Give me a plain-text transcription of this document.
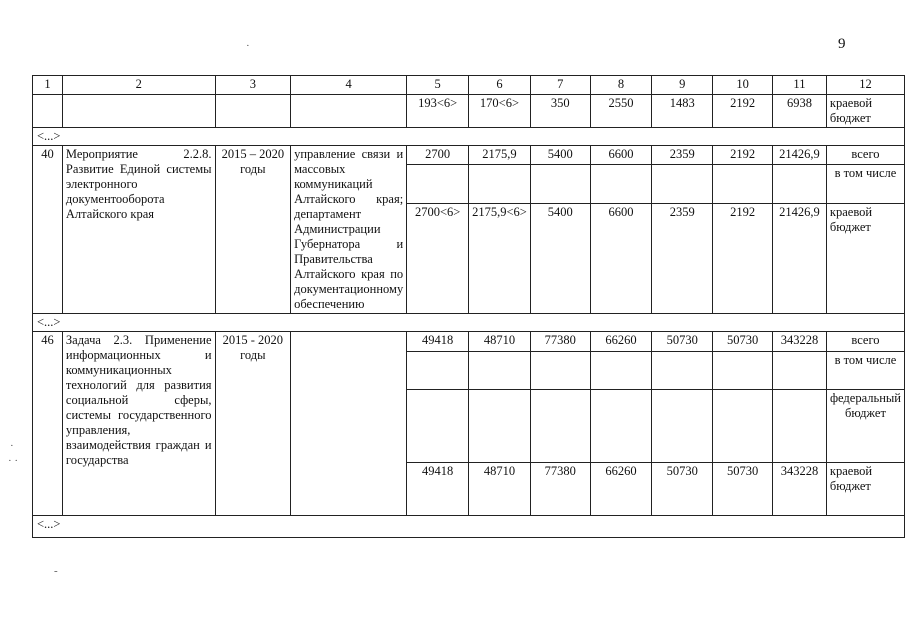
9
·
·
· ·
-
1	2	3	4	5	6	7	8	9	10	11	12
				193<6>	170<6>	350	2550	1483	2192	6938	краевой бюджет
<...>											
40	Мероприятие 2.2.8. Развитие Единой системы электронного документооборота Алтайского края	2015 – 2020 годы	управление связи и массовых коммуникаций Алтайского края; департамент Администрации Губернатора и Правительства Алтайского края по документационному обеспечению	2700	2175,9	5400	6600	2359	2192	21426,9	всего
											в том числе
				2700<6>	2175,9<6>	5400	6600	2359	2192	21426,9	краевой бюджет
<...>											
46	Задача 2.3. Применение информационных и коммуникационных технологий для развития социальной сферы, системы государственного управления, взаимодействия граждан и государства	2015 - 2020 годы		49418	48710	77380	66260	50730	50730	343228	всего
											в том числе
											федеральный бюджет
				49418	48710	77380	66260	50730	50730	343228	краевой бюджет
<...>											
